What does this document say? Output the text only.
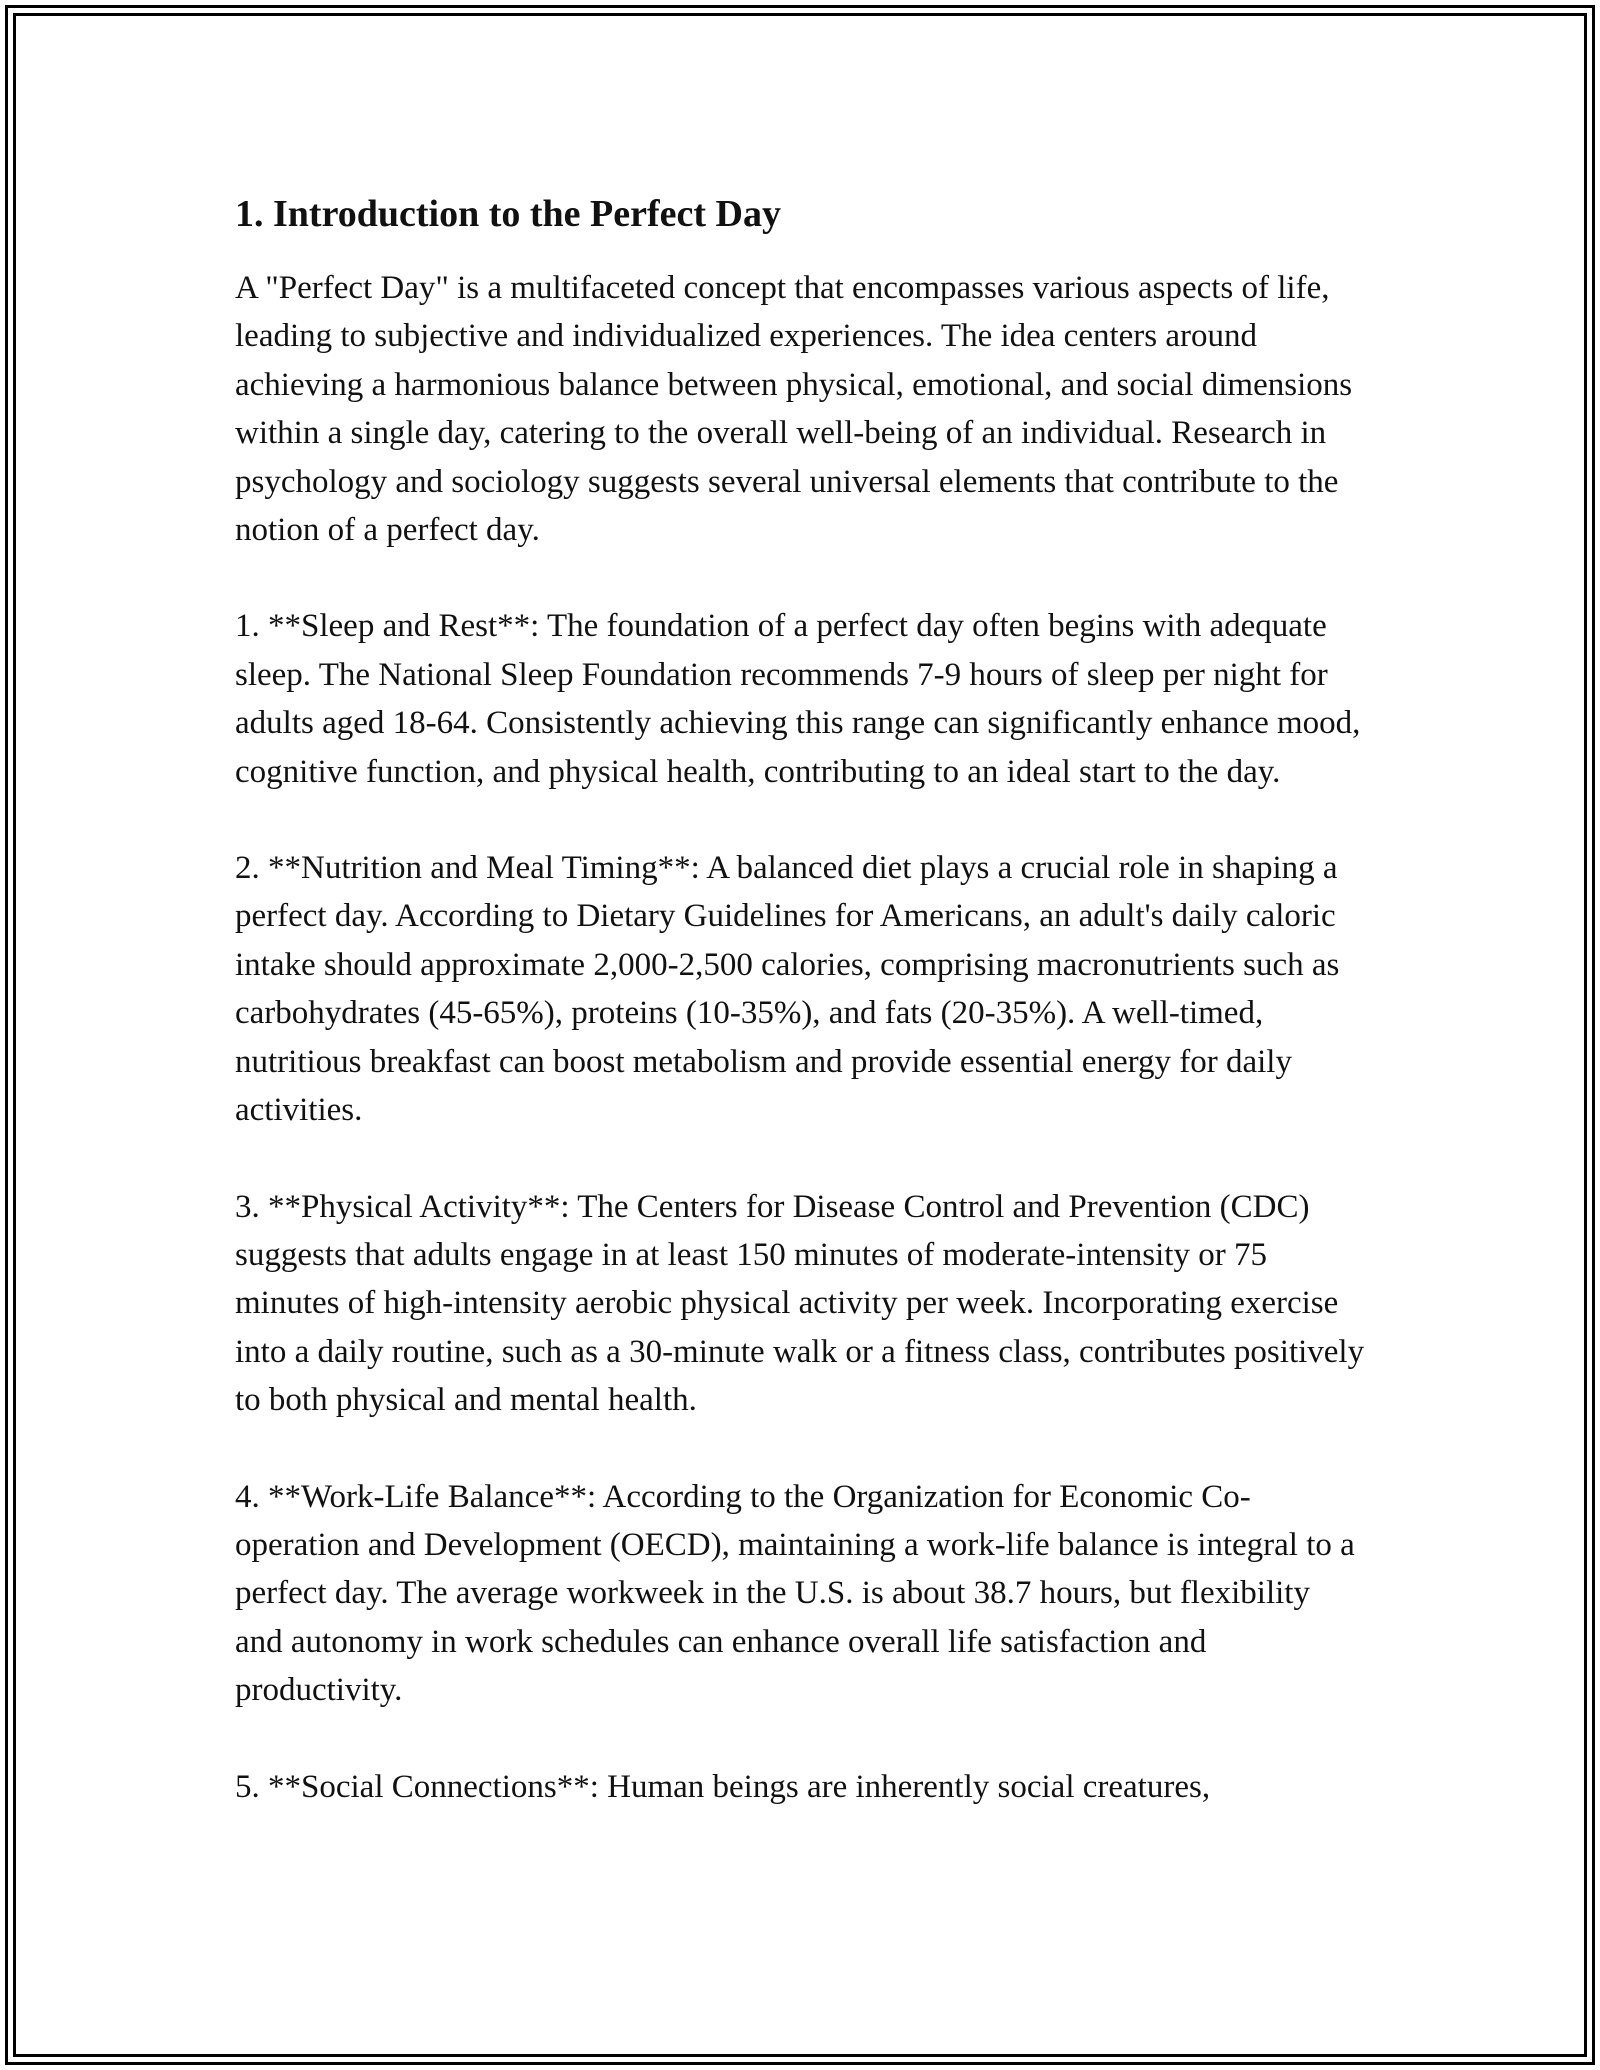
1. Introduction to the Perfect Day

A "Perfect Day" is a multifaceted concept that encompasses various aspects of life, leading to subjective and individualized experiences. The idea centers around achieving a harmonious balance between physical, emotional, and social dimensions within a single day, catering to the overall well-being of an individual. Research in psychology and sociology suggests several universal elements that contribute to the notion of a perfect day.

1. **Sleep and Rest**: The foundation of a perfect day often begins with adequate sleep. The National Sleep Foundation recommends 7-9 hours of sleep per night for adults aged 18-64. Consistently achieving this range can significantly enhance mood, cognitive function, and physical health, contributing to an ideal start to the day.

2. **Nutrition and Meal Timing**: A balanced diet plays a crucial role in shaping a perfect day. According to Dietary Guidelines for Americans, an adult's daily caloric intake should approximate 2,000-2,500 calories, comprising macronutrients such as carbohydrates (45-65%), proteins (10-35%), and fats (20-35%). A well-timed, nutritious breakfast can boost metabolism and provide essential energy for daily activities.

3. **Physical Activity**: The Centers for Disease Control and Prevention (CDC) suggests that adults engage in at least 150 minutes of moderate-intensity or 75 minutes of high-intensity aerobic physical activity per week. Incorporating exercise into a daily routine, such as a 30-minute walk or a fitness class, contributes positively to both physical and mental health.

4. **Work-Life Balance**: According to the Organization for Economic Co-operation and Development (OECD), maintaining a work-life balance is integral to a perfect day. The average workweek in the U.S. is about 38.7 hours, but flexibility and autonomy in work schedules can enhance overall life satisfaction and productivity.

5. **Social Connections**: Human beings are inherently social creatures,
